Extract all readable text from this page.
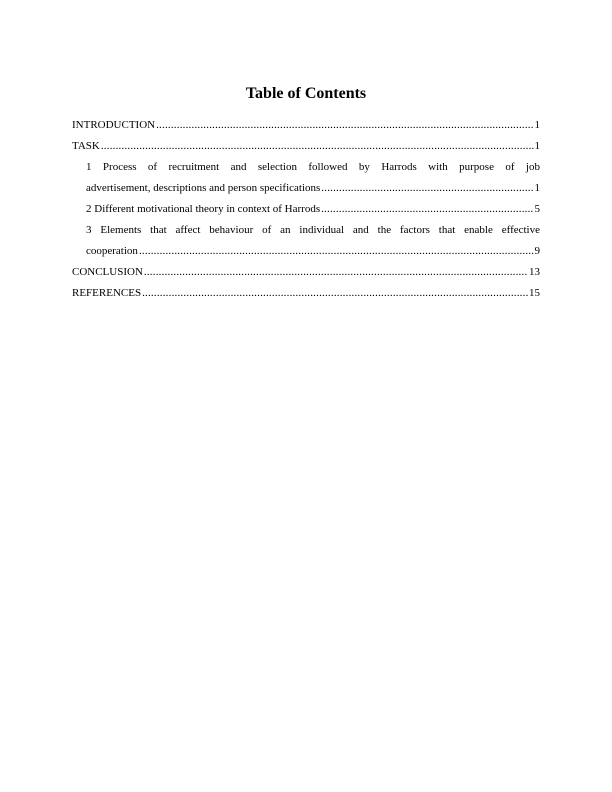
Table of Contents
INTRODUCTION .....	1
TASK .....	1
1 Process of recruitment and selection followed by Harrods with purpose of job
advertisement, descriptions and person specifications .....	1
2 Different motivational theory in context of Harrods .....	5
3 Elements that affect behaviour of an individual and the factors that enable effective
cooperation .....	9
CONCLUSION .....	13
REFERENCES .....	15
